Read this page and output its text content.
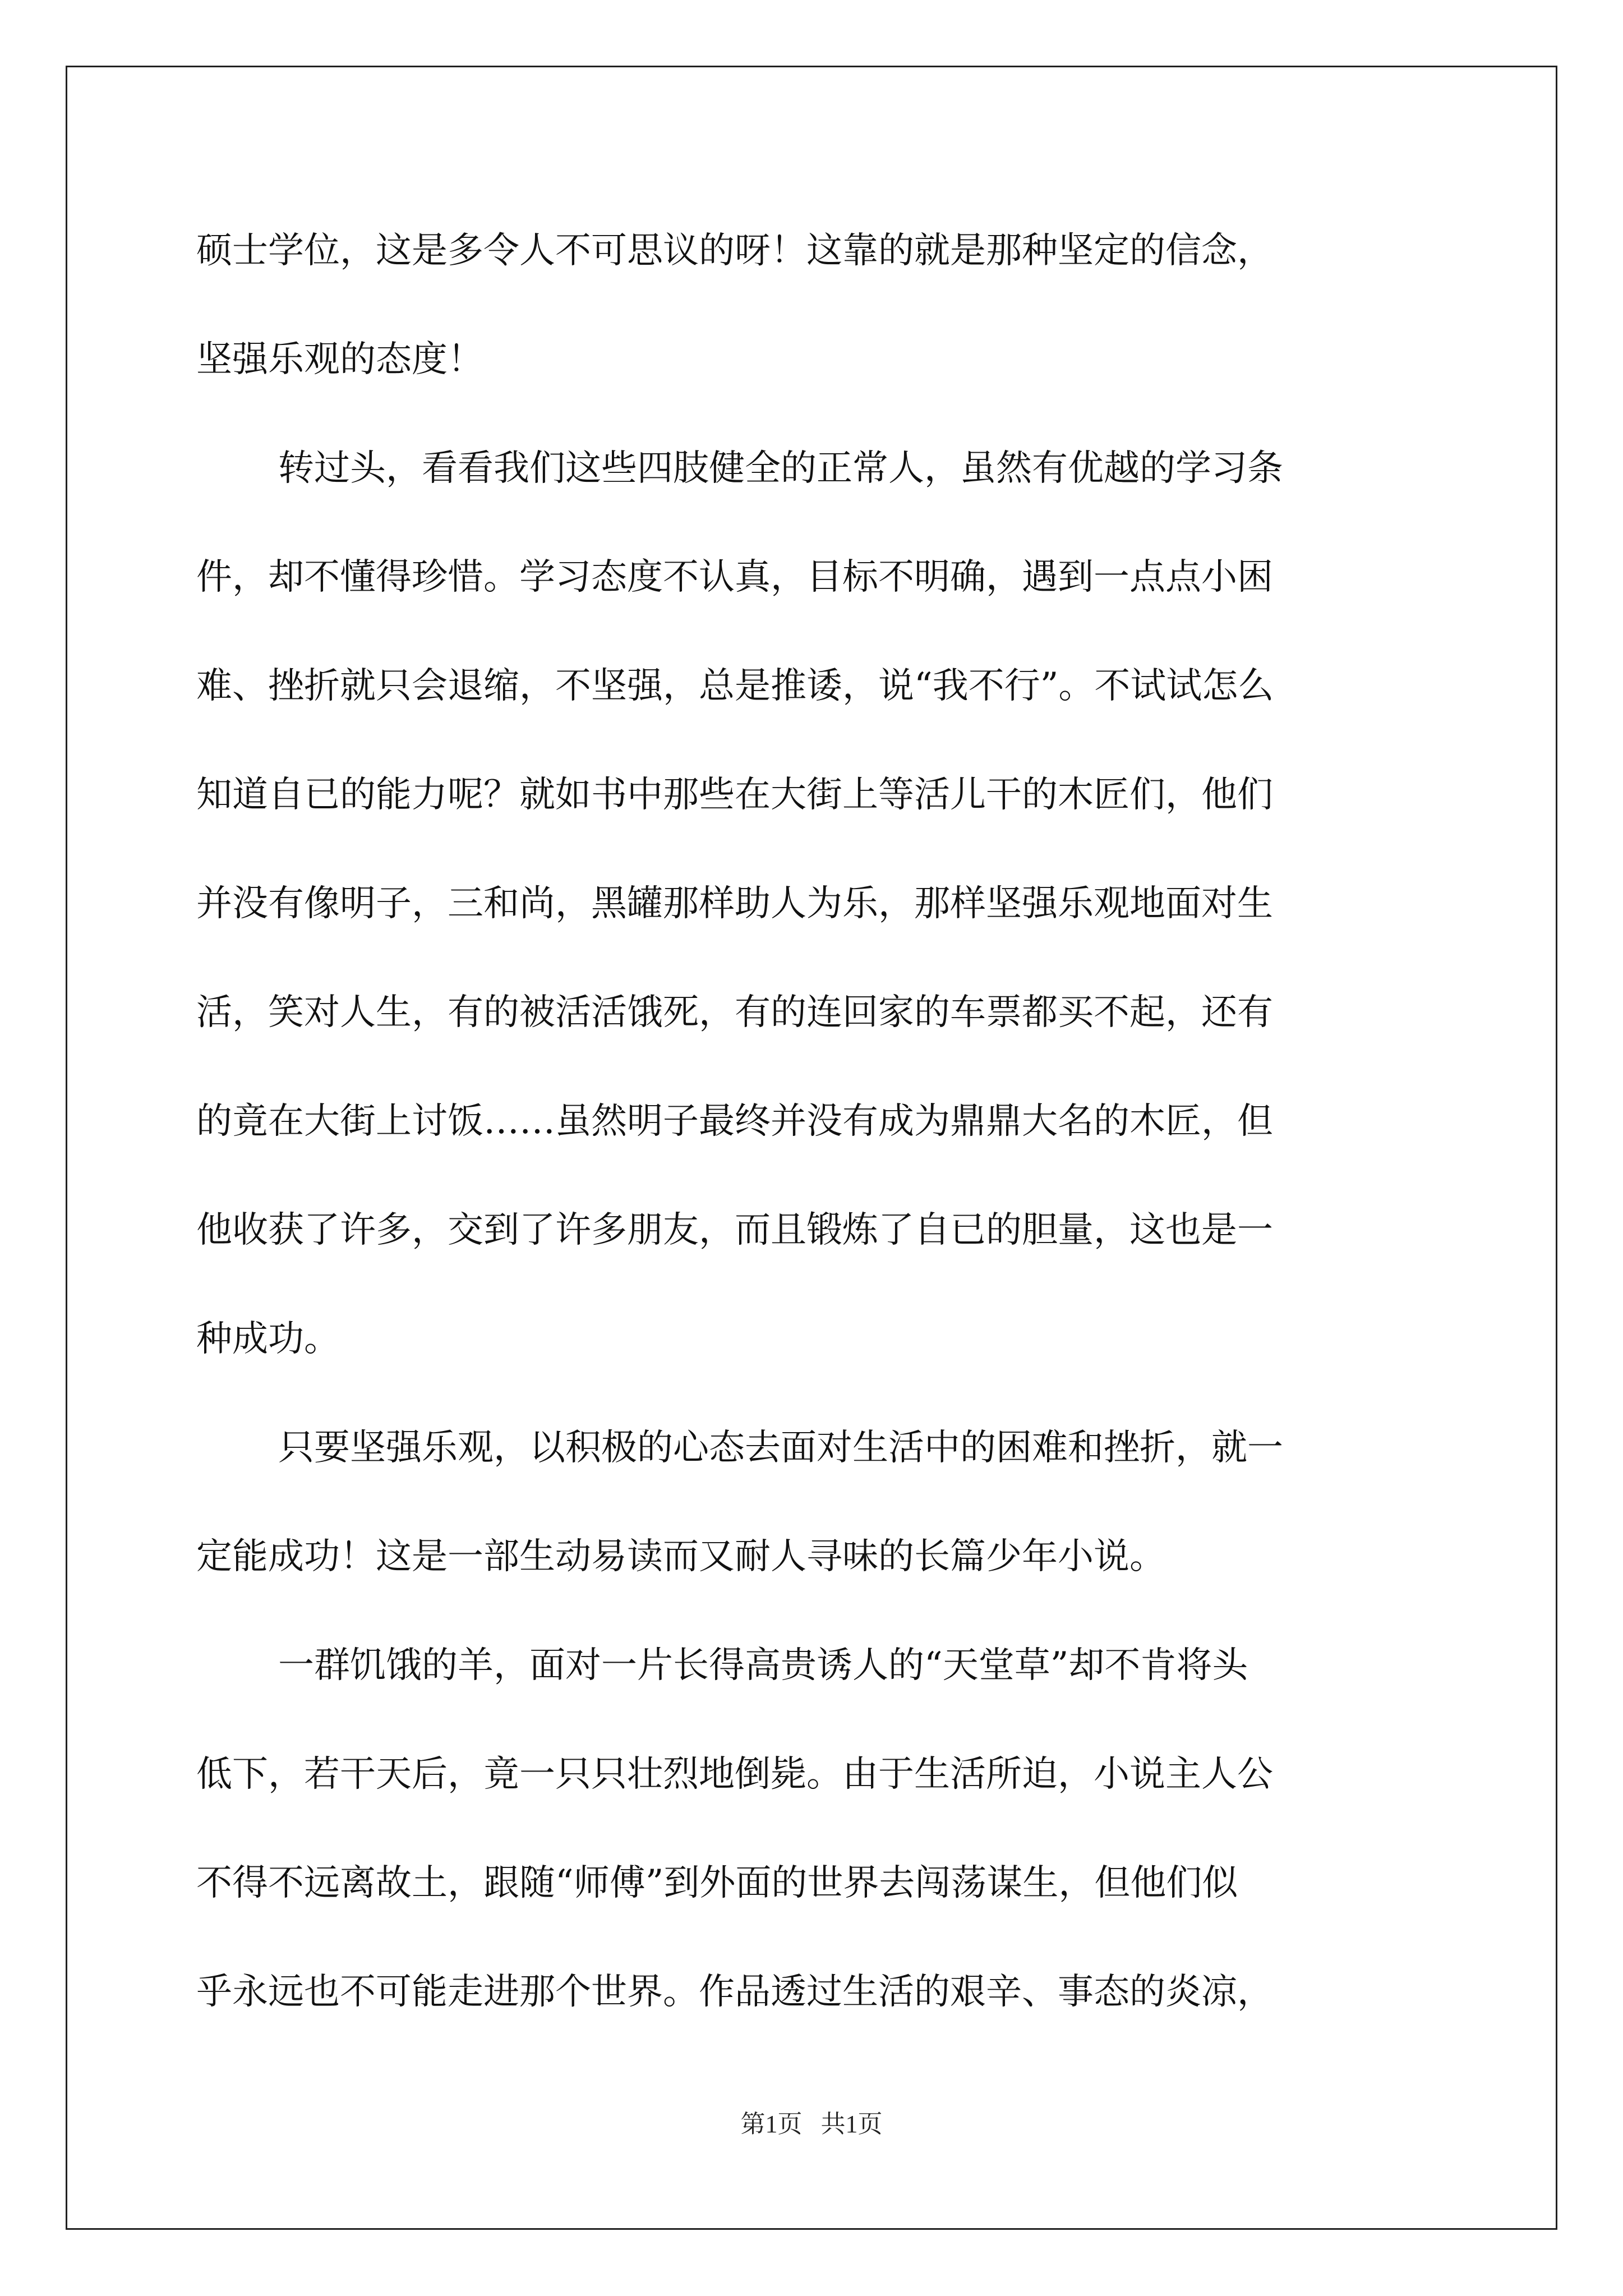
硕士学位，这是多令人不可思议的呀！这靠的就是那种坚定的信念，
坚强乐观的态度！
转过头，看看我们这些四肢健全的正常人，虽然有优越的学习条
件，却不懂得珍惜。学习态度不认真，目标不明确，遇到一点点小困
难、挫折就只会退缩，不坚强，总是推诿，说“我不行”。不试试怎么
知道自已的能力呢？就如书中那些在大街上等活儿干的木匠们，他们
并没有像明子，三和尚，黑罐那样助人为乐，那样坚强乐观地面对生
活，笑对人生，有的被活活饿死，有的连回家的车票都买不起，还有
的竟在大街上讨饭……虽然明子最终并没有成为鼎鼎大名的木匠，但
他收获了许多，交到了许多朋友，而且锻炼了自已的胆量，这也是一
种成功。
只要坚强乐观，以积极的心态去面对生活中的困难和挫折，就一
定能成功！这是一部生动易读而又耐人寻味的长篇少年小说。
一群饥饿的羊，面对一片长得高贵诱人的“天堂草”却不肯将头
低下，若干天后，竟一只只壮烈地倒毙。由于生活所迫，小说主人公
不得不远离故土，跟随“师傅”到外面的世界去闯荡谋生，但他们似
乎永远也不可能走进那个世界。作品透过生活的艰辛、事态的炎凉，
第1页   共1页
